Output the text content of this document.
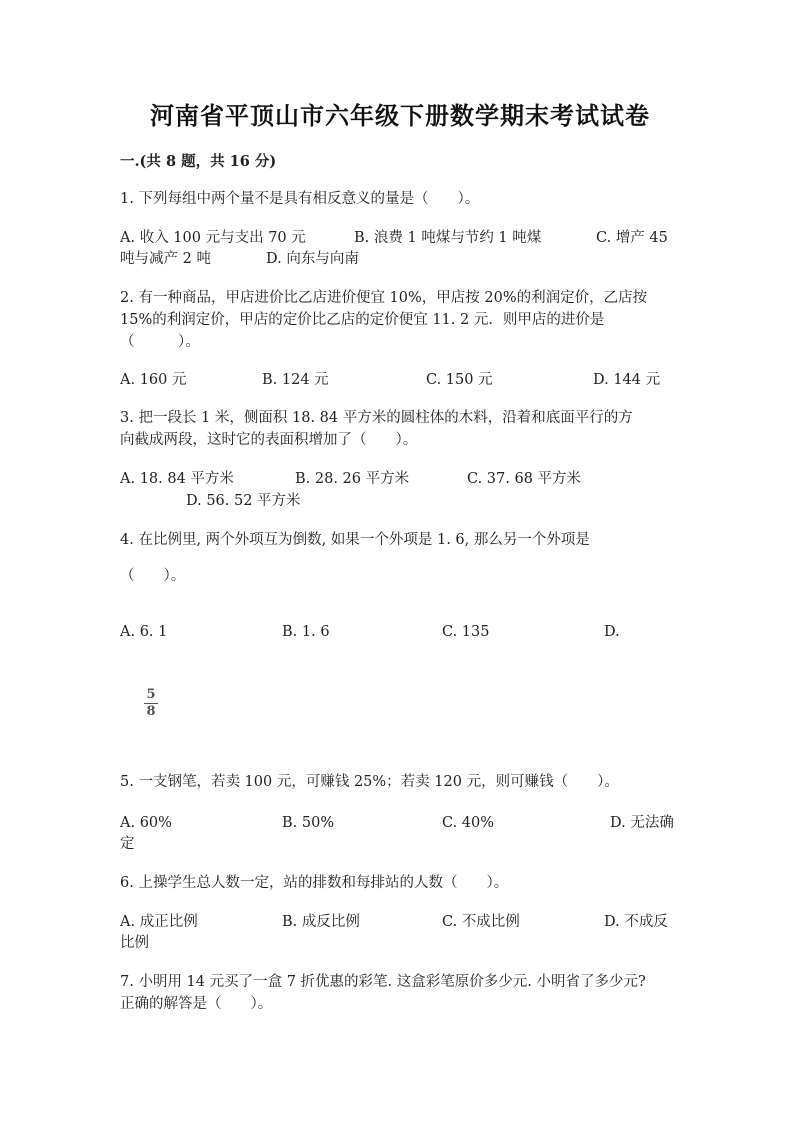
河南省平顶山市六年级下册数学期末考试试卷
一.(共 8 题，共 16 分)
1. 下列每组中两个量不是具有相反意义的量是（　　）。
A. 收入 100 元与支出 70 元	B. 浪费 1 吨煤与节约 1 吨煤	C. 增产 45
吨与减产 2 吨	D. 向东与向南
2. 有一种商品，甲店进价比乙店进价便宜 10%，甲店按 20%的利润定价，乙店按
15%的利润定价，甲店的定价比乙店的定价便宜 11. 2 元．则甲店的进价是
（　　　）。
A. 160 元	B. 124 元	C. 150 元	D. 144 元
3. 把一段长 1 米，侧面积 18. 84 平方米的圆柱体的木料，沿着和底面平行的方
向截成两段，这时它的表面积增加了（　　）。
A. 18. 84 平方米	B. 28. 26 平方米	C. 37. 68 平方米
D. 56. 52 平方米
4. 在比例里, 两个外项互为倒数, 如果一个外项是 1. 6, 那么另一个外项是
（　　）。
A. 6. 1	B. 1. 6	C. 135	D.
5
8
5. 一支钢笔，若卖 100 元，可赚钱 25%；若卖 120 元，则可赚钱（　　）。
A. 60%	B. 50%	C. 40%	D. 无法确
定
6. 上操学生总人数一定，站的排数和每排站的人数（　　）。
A. 成正比例	B. 成反比例	C. 不成比例	D. 不成反
比例
7. 小明用 14 元买了一盒 7 折优惠的彩笔. 这盒彩笔原价多少元. 小明省了多少元?
正确的解答是（　　）。
